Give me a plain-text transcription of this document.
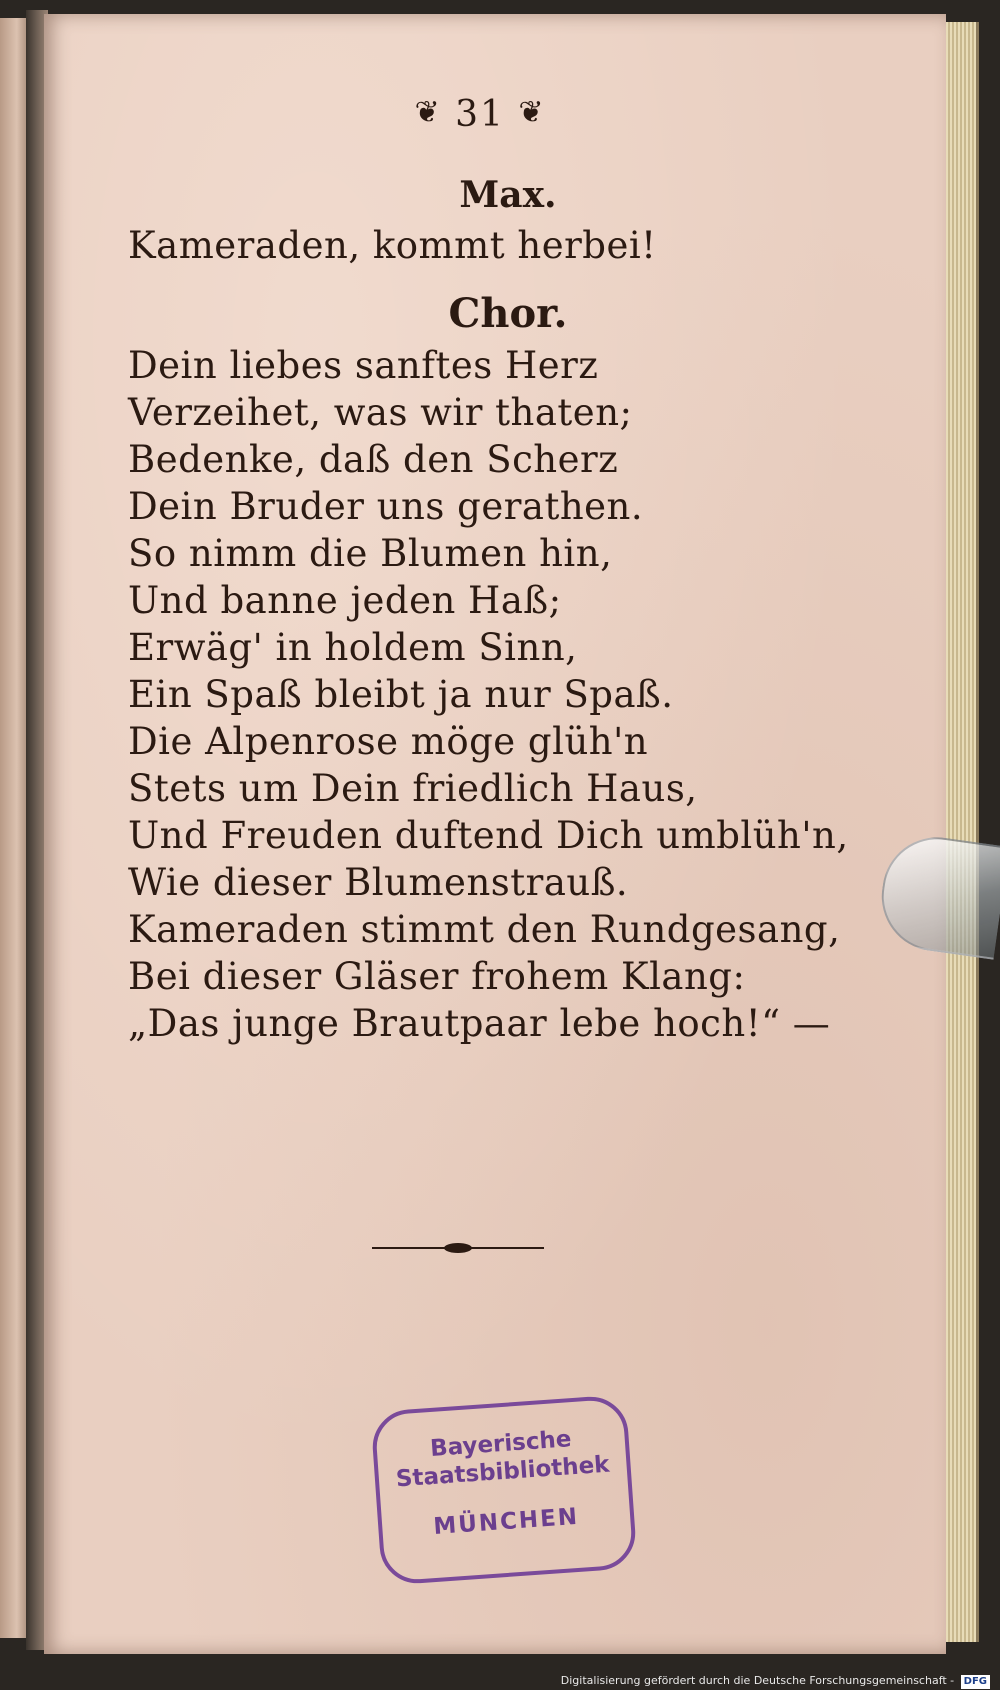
❦ 31 ❦
Max.
Kameraden, kommt herbei!
Chor.
Dein liebes sanftes Herz
Verzeihet, was wir thaten;
Bedenke, daß den Scherz
Dein Bruder uns gerathen.
So nimm die Blumen hin,
Und banne jeden Haß;
Erwäg' in holdem Sinn,
Ein Spaß bleibt ja nur Spaß.
Die Alpenrose möge glüh'n
Stets um Dein friedlich Haus,
Und Freuden duftend Dich umblüh'n,
Wie dieser Blumenstrauß.
Kameraden stimmt den Rundgesang,
Bei dieser Gläser frohem Klang:
„Das junge Brautpaar lebe hoch!“ —
Bayerische
Staatsbibliothek
MÜNCHEN
Digitalisierung gefördert durch die Deutsche Forschungsgemeinschaft - DFG
